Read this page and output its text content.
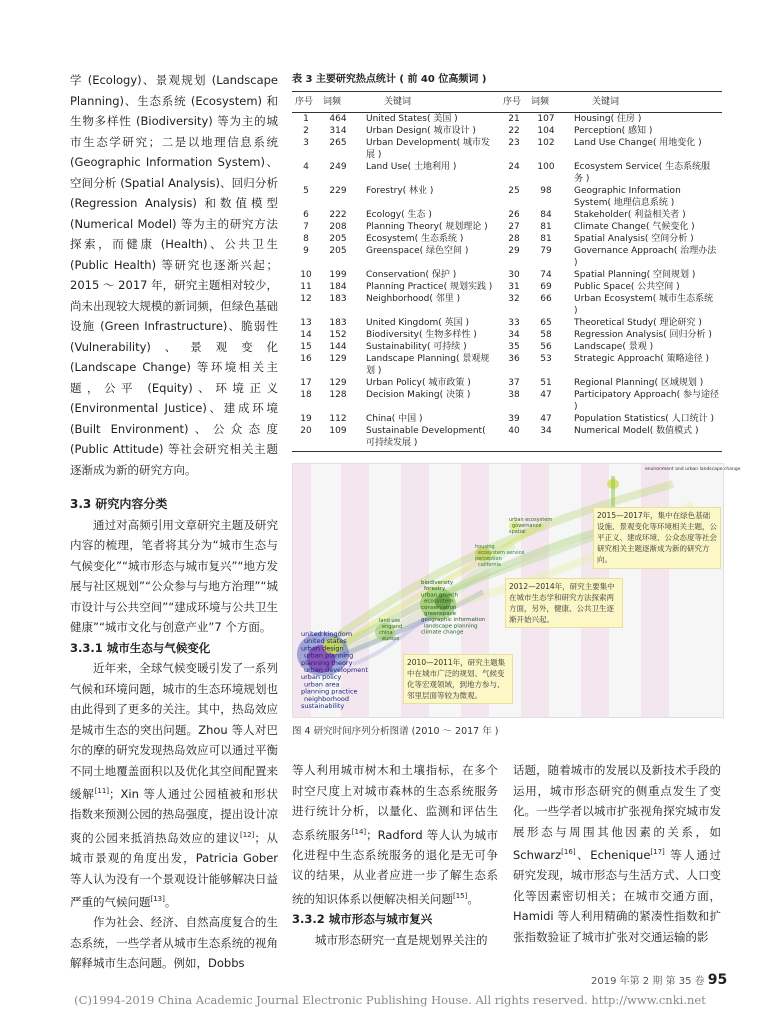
学 (Ecology)、景观规划 (Landscape Planning)、生态系统 (Ecosystem) 和生物多样性 (Biodiversity) 等为主的城市生态学研究；二是以地理信息系统 (Geographic Information System)、空间分析 (Spatial Analysis)、回归分析 (Regression Analysis) 和数值模型 (Numerical Model) 等为主的研究方法探索，而健康 (Health)、公共卫生 (Public Health) 等研究也逐渐兴起；2015 ～ 2017 年，研究主题相对较少，尚未出现较大规模的新词频，但绿色基础设施 (Green Infrastructure)、脆弱性 (Vulnerability)、景观变化 (Landscape Change) 等环境相关主题，公平 (Equity)、环境正义 (Environmental Justice)、建成环境 (Built Environment)、公众态度 (Public Attitude) 等社会研究相关主题逐渐成为新的研究方向。

3.3 研究内容分类

通过对高频引用文章研究主题及研究内容的梳理，笔者将其分为“城市生态与气候变化”“城市形态与城市复兴”“地方发展与社区规划”“公众参与与地方治理”“城市设计与公共空间”“建成环境与公共卫生健康”“城市文化与创意产业”7 个方面。

3.3.1 城市生态与气候变化

近年来，全球气候变暖引发了一系列气候和环境问题，城市的生态环境规划也由此得到了更多的关注。其中，热岛效应是城市生态的突出问题。Zhou 等人对巴尔的摩的研究发现热岛效应可以通过平衡不同土地覆盖面积以及优化其空间配置来缓解[11]；Xin 等人通过公园植被和形状指数来预测公园的热岛强度，提出设计凉爽的公园来抵消热岛效应的建议[12]；从城市景观的角度出发，Patricia Gober 等人认为没有一个景观设计能够解决日益严重的气候问题[13]。

作为社会、经济、自然高度复合的生态系统，一些学者从城市生态系统的视角解释城市生态问题。例如，Dobbs

表 3 主要研究热点统计 ( 前 40 位高频词 )
序号	词频	关键词	序号	词频	关键词
1	464	United States( 美国 )	21	107	Housing( 住房 )
2	314	Urban Design( 城市设计 )	22	104	Perception( 感知 )
3	265	Urban Development( 城市发展 )	23	102	Land Use Change( 用地变化 )
4	249	Land Use( 土地利用 )	24	100	Ecosystem Service( 生态系统服务 )
5	229	Forestry( 林业 )	25	98	Geographic Information System( 地理信息系统 )
6	222	Ecology( 生态 )	26	84	Stakeholder( 利益相关者 )
7	208	Planning Theory( 规划理论 )	27	81	Climate Change( 气候变化 )
8	205	Ecosystem( 生态系统 )	28	81	Spatial Analysis( 空间分析 )
9	205	Greenspace( 绿色空间 )	29	79	Governance Approach( 治理办法 )
10	199	Conservation( 保护 )	30	74	Spatial Planning( 空间规划 )
11	184	Planning Practice( 规划实践 )	31	69	Public Space( 公共空间 )
12	183	Neighborhood( 邻里 )	32	66	Urban Ecosystem( 城市生态系统 )
13	183	United Kingdom( 英国 )	33	65	Theoretical Study( 理论研究 )
14	152	Biodiversity( 生物多样性 )	34	58	Regression Analysis( 回归分析 )
15	144	Sustainability( 可持续 )	35	56	Landscape( 景观 )
16	129	Landscape Planning( 景观规划 )	36	53	Strategic Approach( 策略途径 )
17	129	Urban Policy( 城市政策 )	37	51	Regional Planning( 区域规划 )
18	128	Decision Making( 决策 )	38	47	Participatory Approach( 参与途径 )
19	112	China( 中国 )	39	47	Population Statistics( 人口统计 )
20	109	Sustainable Development( 可持续发展 )	40	34	Numerical Model( 数值模式 )
united kingdom
united states
urban design
urban planning
planning theory
urban development
urban policy
urban area
planning practice
neighborhood
sustainability
land use
england
china
europe
biodiversity
forestry
urban growth
ecosystem
conservation
greenspace
geographic information
landscape planning
climate change
housing
ecosystem service
perception
california
urban ecosystem
governance
spatial
environment and urban landscape change
2015—2017年，集中在绿色基础设施、景观变化等环境相关主题，公平正义、建成环境、公众态度等社会研究相关主题逐渐成为新的研究方向。
2012—2014年，研究主要集中在城市生态学和研究方法探索两方面，另外，健康、公共卫生逐渐开始兴起。
2010—2011年，研究主题集中在城市广泛的规划、气候变化等宏观领域，到地方参与、邻里层面等较为微观。
图 4 研究时间序列分析图谱 (2010 ～ 2017 年 )

等人利用城市树木和土壤指标，在多个时空尺度上对城市森林的生态系统服务进行统计分析，以量化、监测和评估生态系统服务[14]；Radford 等人认为城市化进程中生态系统服务的退化是无可争议的结果，从业者应进一步了解生态系统的知识体系以便解决相关问题[15]。

3.3.2 城市形态与城市复兴

城市形态研究一直是规划界关注的

话题，随着城市的发展以及新技术手段的运用，城市形态研究的侧重点发生了变化。一些学者以城市扩张视角探究城市发展形态与周围其他因素的关系，如 Schwarz[16]、Echenique[17] 等人通过研究发现，城市形态与生活方式、人口变化等因素密切相关；在城市交通方面，Hamidi 等人利用精确的紧凑性指数和扩张指数验证了城市扩张对交通运输的影

2019 年第 2 期 第 35 卷 95
(C)1994-2019 China Academic Journal Electronic Publishing House. All rights reserved. http://www.cnki.net
